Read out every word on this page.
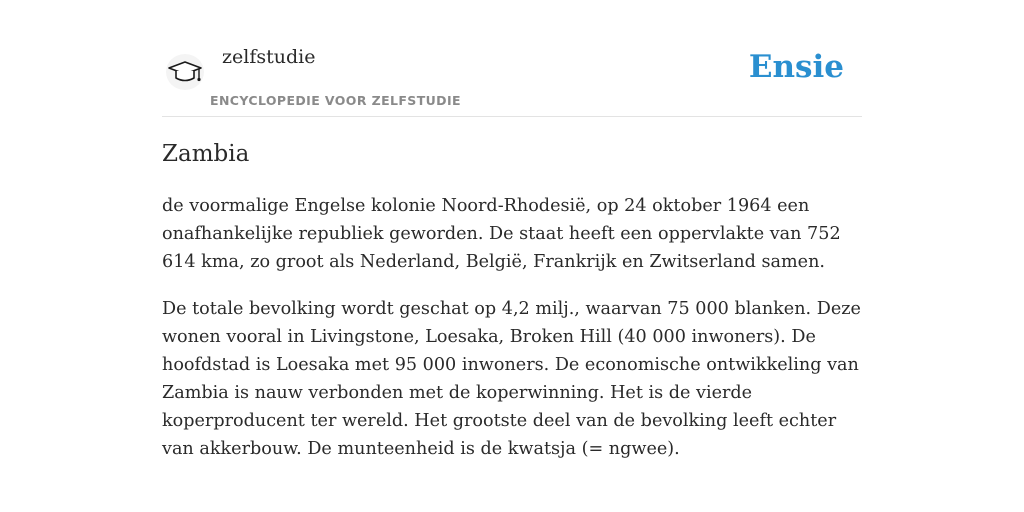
zelfstudie
ENCYCLOPEDIE VOOR ZELFSTUDIE
Ensie
Zambia

de voormalige Engelse kolonie Noord-Rhodesië, op 24 oktober 1964 een onafhankelijke republiek geworden. De staat heeft een oppervlakte van 752 614 kma, zo groot als Nederland, België, Frankrijk en Zwitserland samen.

De totale bevolking wordt geschat op 4,2 milj., waarvan 75 000 blanken. Deze wonen vooral in Livingstone, Loesaka, Broken Hill (40 000 inwoners). De hoofdstad is Loesaka met 95 000 inwoners. De economische ontwikkeling van Zambia is nauw verbonden met de koperwinning. Het is de vierde koperproducent ter wereld. Het grootste deel van de bevolking leeft echter van akkerbouw. De munteenheid is de kwatsja (= ngwee).
